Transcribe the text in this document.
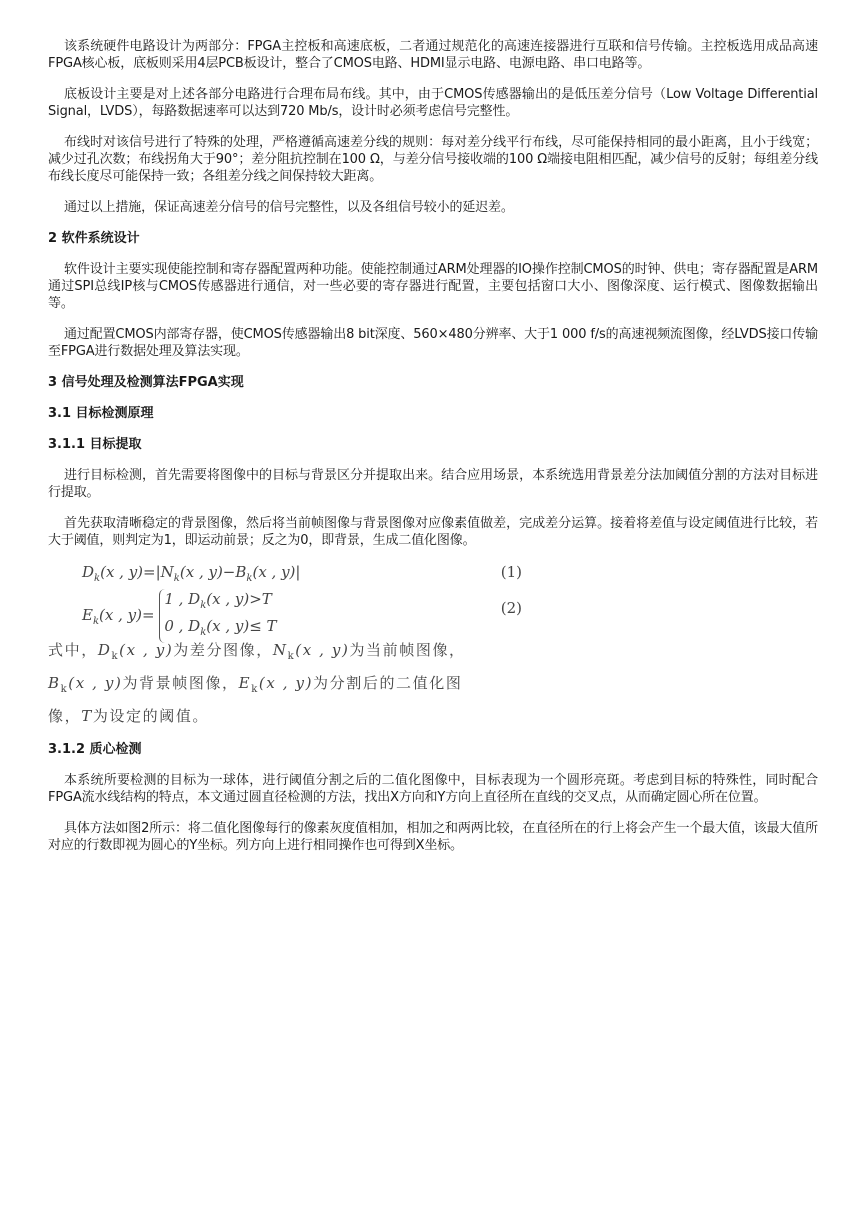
该系统硬件电路设计为两部分：FPGA主控板和高速底板，二者通过规范化的高速连接器进行互联和信号传输。主控板选用成品高速FPGA核心板，底板则采用4层PCB板设计，整合了CMOS电路、HDMI显示电路、电源电路、串口电路等。

底板设计主要是对上述各部分电路进行合理布局布线。其中，由于CMOS传感器输出的是低压差分信号（Low Voltage Differential Signal，LVDS），每路数据速率可以达到720 Mb/s，设计时必须考虑信号完整性。

布线时对该信号进行了特殊的处理，严格遵循高速差分线的规则：每对差分线平行布线，尽可能保持相同的最小距离，且小于线宽；减少过孔次数；布线拐角大于90°；差分阻抗控制在100 Ω，与差分信号接收端的100 Ω端接电阻相匹配，减少信号的反射；每组差分线布线长度尽可能保持一致；各组差分线之间保持较大距离。

通过以上措施，保证高速差分信号的信号完整性，以及各组信号较小的延迟差。

2 软件系统设计

软件设计主要实现使能控制和寄存器配置两种功能。使能控制通过ARM处理器的IO操作控制CMOS的时钟、供电；寄存器配置是ARM通过SPI总线IP核与CMOS传感器进行通信，对一些必要的寄存器进行配置，主要包括窗口大小、图像深度、运行模式、图像数据输出等。

通过配置CMOS内部寄存器，使CMOS传感器输出8 bit深度、560×480分辨率、大于1 000 f/s的高速视频流图像，经LVDS接口传输至FPGA进行数据处理及算法实现。

3 信号处理及检测算法FPGA实现
3.1 目标检测原理
3.1.1 目标提取

进行目标检测，首先需要将图像中的目标与背景区分并提取出来。结合应用场景，本系统选用背景差分法加阈值分割的方法对目标进行提取。

首先获取清晰稳定的背景图像，然后将当前帧图像与背景图像对应像素值做差，完成差分运算。接着将差值与设定阈值进行比较，若大于阈值，则判定为1，即运动前景；反之为0，即背景，生成二值化图像。

$D_k(x$ , $y)=|N_k(x$ , $y)-B_k(x$ , y)|	(1)
$E_k(x$ , y)= 1 , $D_k(x$ , y)>T
0 , $D_k(x$ , y)≤ T
(2)
式中，$D_k(x$ , y)为差分图像，$N_k(x$ , y)为当前帧图像，$B_k(x$ , y)为背景帧图像，$E_k(x$ , y)为分割后的二值化图像，T为设定的阈值。
3.1.2 质心检测

本系统所要检测的目标为一球体，进行阈值分割之后的二值化图像中，目标表现为一个圆形亮斑。考虑到目标的特殊性，同时配合FPGA流水线结构的特点，本文通过圆直径检测的方法，找出X方向和Y方向上直径所在直线的交叉点，从而确定圆心所在位置。

具体方法如图2所示：将二值化图像每行的像素灰度值相加，相加之和两两比较，在直径所在的行上将会产生一个最大值，该最大值所对应的行数即视为圆心的Y坐标。列方向上进行相同操作也可得到X坐标。
